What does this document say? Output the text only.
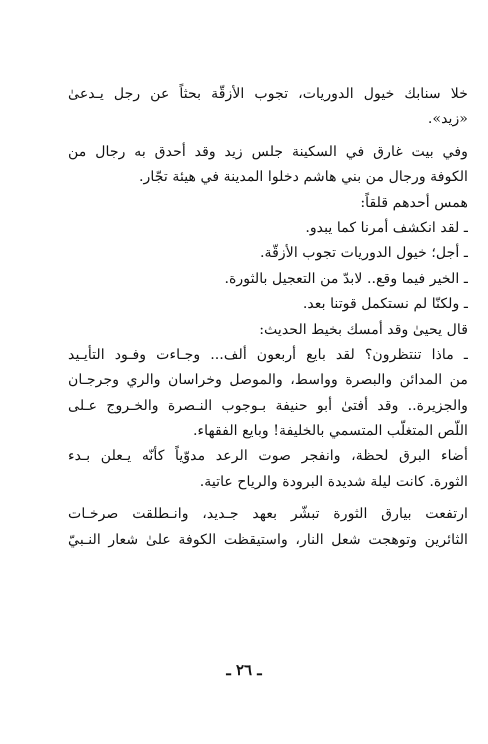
خلا سنابك خيول الدوريات، تجوب الأزقّة بحثاً عن رجل يـدعىٰ
«زيد».
وفي بيت غارق في السكينة جلس زيد وقد أحدق به رجال من
الكوفة ورجال من بني هاشم دخلوا المدينة في هيئة تجّار.
همس أحدهم قلقاً:
ـ لقد انكشف أمرنا كما يبدو.
ـ أجل؛ خيول الدوريات تجوب الأزقّة.
ـ الخير فيما وقع.. لابدّ من التعجيل بالثورة.
ـ ولكنّا لم نستكمل قوتنا بعد.
قال يحيىٰ وقد أمسك بخيط الحديث:
ـ ماذا تنتظرون؟ لقد بايع أربعون ألف... وجـاءت وفـود التأيـيد
من المدائن والبصرة وواسط، والموصل وخراسان والري وجرجـان
والجزيرة.. وقد أفتىٰ أبو حنيفة بـوجوب النـصرة والخـروج عـلى
اللّص المتغلّب المتسمي بالخليفة! وبايع الفقهاء.
أضاء البرق لحظة، وانفجر صوت الرعد مدوّياً كأنّه يـعلن بـدء
الثورة. كانت ليلة شديدة البرودة والرياح عاتية.
ارتفعت بيارق الثورة تبشّر بعهد جـديد، وانـطلقت صرخـات
الثائرين وتوهجت شعل النار، واستيقظت الكوفة علىٰ شعار النـبيّ
ـ ٢٦ ـ
